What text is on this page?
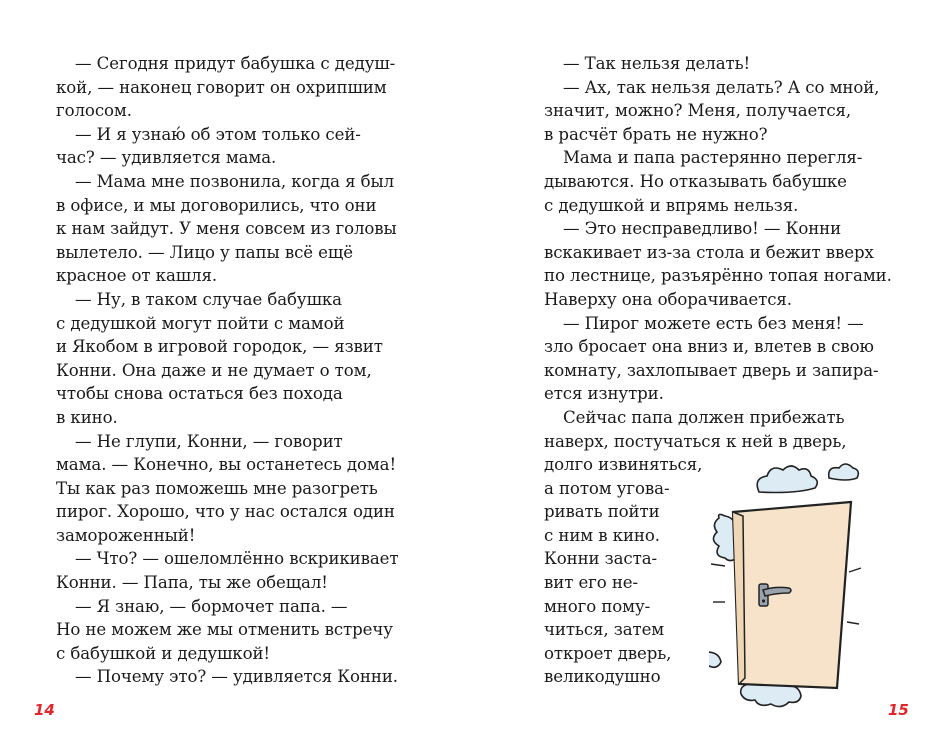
— Сегодня придут бабушка с дедуш-
кой, — наконец говорит он охрипшим
голосом.
— И я узнаю́ об этом только сей-
час? — удивляется мама.
— Мама мне позвонила, когда я был
в офисе, и мы договорились, что они
к нам зайдут. У меня совсем из головы
вылетело. — Лицо у папы всё ещё
красное от кашля.
— Ну, в таком случае бабушка
с дедушкой могут пойти с мамой
и Якобом в игровой городок, — язвит
Конни. Она даже и не думает о том,
чтобы снова остаться без похода
в кино.
— Не глупи, Конни, — говорит
мама. — Конечно, вы останетесь дома!
Ты как раз поможешь мне разогреть
пирог. Хорошо, что у нас остался один
замороженный!
— Что? — ошеломлённо вскрикивает
Конни. — Папа, ты же обещал!
— Я знаю, — бормочет папа. —
Но не можем же мы отменить встречу
с бабушкой и дедушкой!
— Почему это? — удивляется Конни.
14
— Так нельзя делать!
— Ах, так нельзя делать? А со мной,
значит, можно? Меня, получается,
в расчёт брать не нужно?
Мама и папа растерянно перегля-
дываются. Но отказывать бабушке
с дедушкой и впрямь нельзя.
— Это несправедливо! — Конни
вскакивает из-за стола и бежит вверх
по лестнице, разъярённо топая ногами.
Наверху она оборачивается.
— Пирог можете есть без меня! —
зло бросает она вниз и, влетев в свою
комнату, захлопывает дверь и запира-
ется изнутри.
Сейчас папа должен прибежать
наверх, постучаться к ней в дверь,
долго извиняться,
а потом угова-
ривать пойти
с ним в кино.
Конни заста-
вит его не-
много пому-
читься, затем
откроет дверь,
великодушно
15
